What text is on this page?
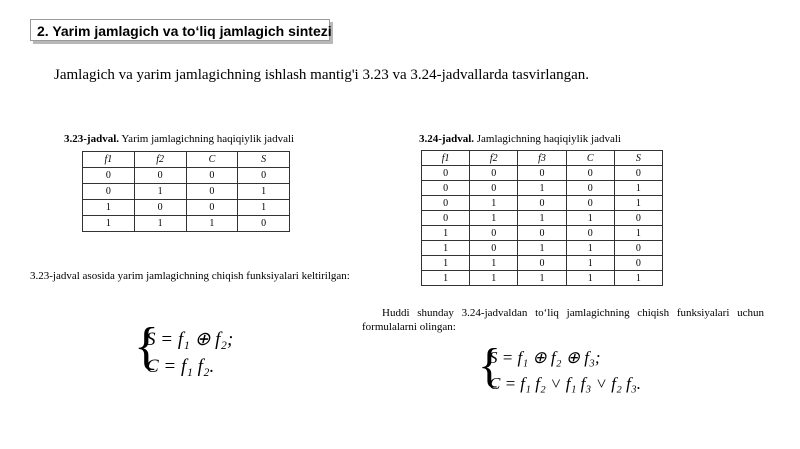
2. Yarim jamlagich va to‘liq jamlagich sintezi
Jamlagich va yarim jamlagichning ishlash mantig'i 3.23 va 3.24-jadvallarda tasvirlangan.
3.23-jadval. Yarim jamlagichning haqiqiylik jadvali
f1	f2	C	S
0	0	0	0
0	1	0	1
1	0	0	1
1	1	1	0
3.24-jadval. Jamlagichning haqiqiylik jadvali
f1	f2	f3	C	S
0	0	0	0	0
0	0	1	0	1
0	1	0	0	1
0	1	1	1	0
1	0	0	0	1
1	0	1	1	0
1	1	0	1	0
1	1	1	1	1
3.23-jadval asosida yarim jamlagichning chiqish funksiyalari keltirilgan:
Huddi shunday 3.24-jadvaldan to‘liq jamlagichning chiqish funksiyalari uchun formulalarni olingan:
{
S = f₁ ⊕ f₂;
C = f₁ f₂.	{
S = f₁ ⊕ f₂ ⊕ f₃;
C = f₁ f₂ ˅ f₁ f₃ ˅ f₂ f₃.
